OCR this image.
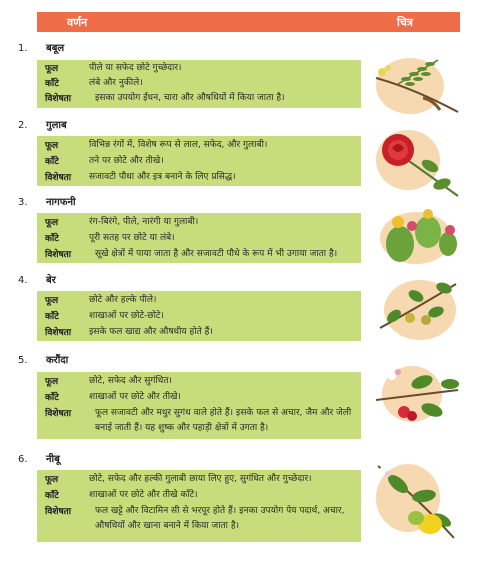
वर्णन	चित्र
1. बबूल
फूल	पीले या सफेद छोटे गुच्छेदार।
काँटे	लंबे और नुकीले।
विशेषता	इसका उपयोग ईंधन, चारा और औषधियों में किया जाता है।
2. गुलाब
फूल	विभिन्न रंगों में, विशेष रूप से लाल, सफेद, और गुलाबी।
काँटे	तने पर छोटे और तीखे।
विशेषता सजावटी पौधा और इत्र बनाने के लिए प्रसिद्ध।
3. नागफनी
फूल	रंग-बिरंगे, पीले, नारंगी या गुलाबी।
काँटे	पूरी सतह पर छोटे या लंबे।
विशेषता	सूखे क्षेत्रों में पाया जाता है और सजावटी पौधे के रूप में भी उगाया जाता है।
4. बेर
फूल	छोटे और हल्के पीले।
काँटे	शाखाओं पर छोटे-छोटे।
विशेषता इसके फल खाद्य और औषधीय होते हैं।
5. करौंदा
फूल	छोटे, सफेद और सुगंधित।
काँटे	शाखाओं पर छोटे और तीखे।
विशेषता	फूल सजावटी और मधुर सुगंध वाले होते हैं। इसके फल से अचार, जैम और जेली बनाई जाती हैं। यह शुष्क और पहाड़ी क्षेत्रों में उगता है।
6. नीबू
फूल	छोटे, सफेद और हल्की गुलाबी छाया लिए हुए, सुगंधित और गुच्छेदार।
काँटे	शाखाओं पर छोटे और तीखे काँटे।
विशेषता	फल खट्टे और विटामिन सी से भरपूर होते हैं। इनका उपयोग पेय पदार्थ, अचार, औषधियों और खाना बनाने में किया जाता है।
